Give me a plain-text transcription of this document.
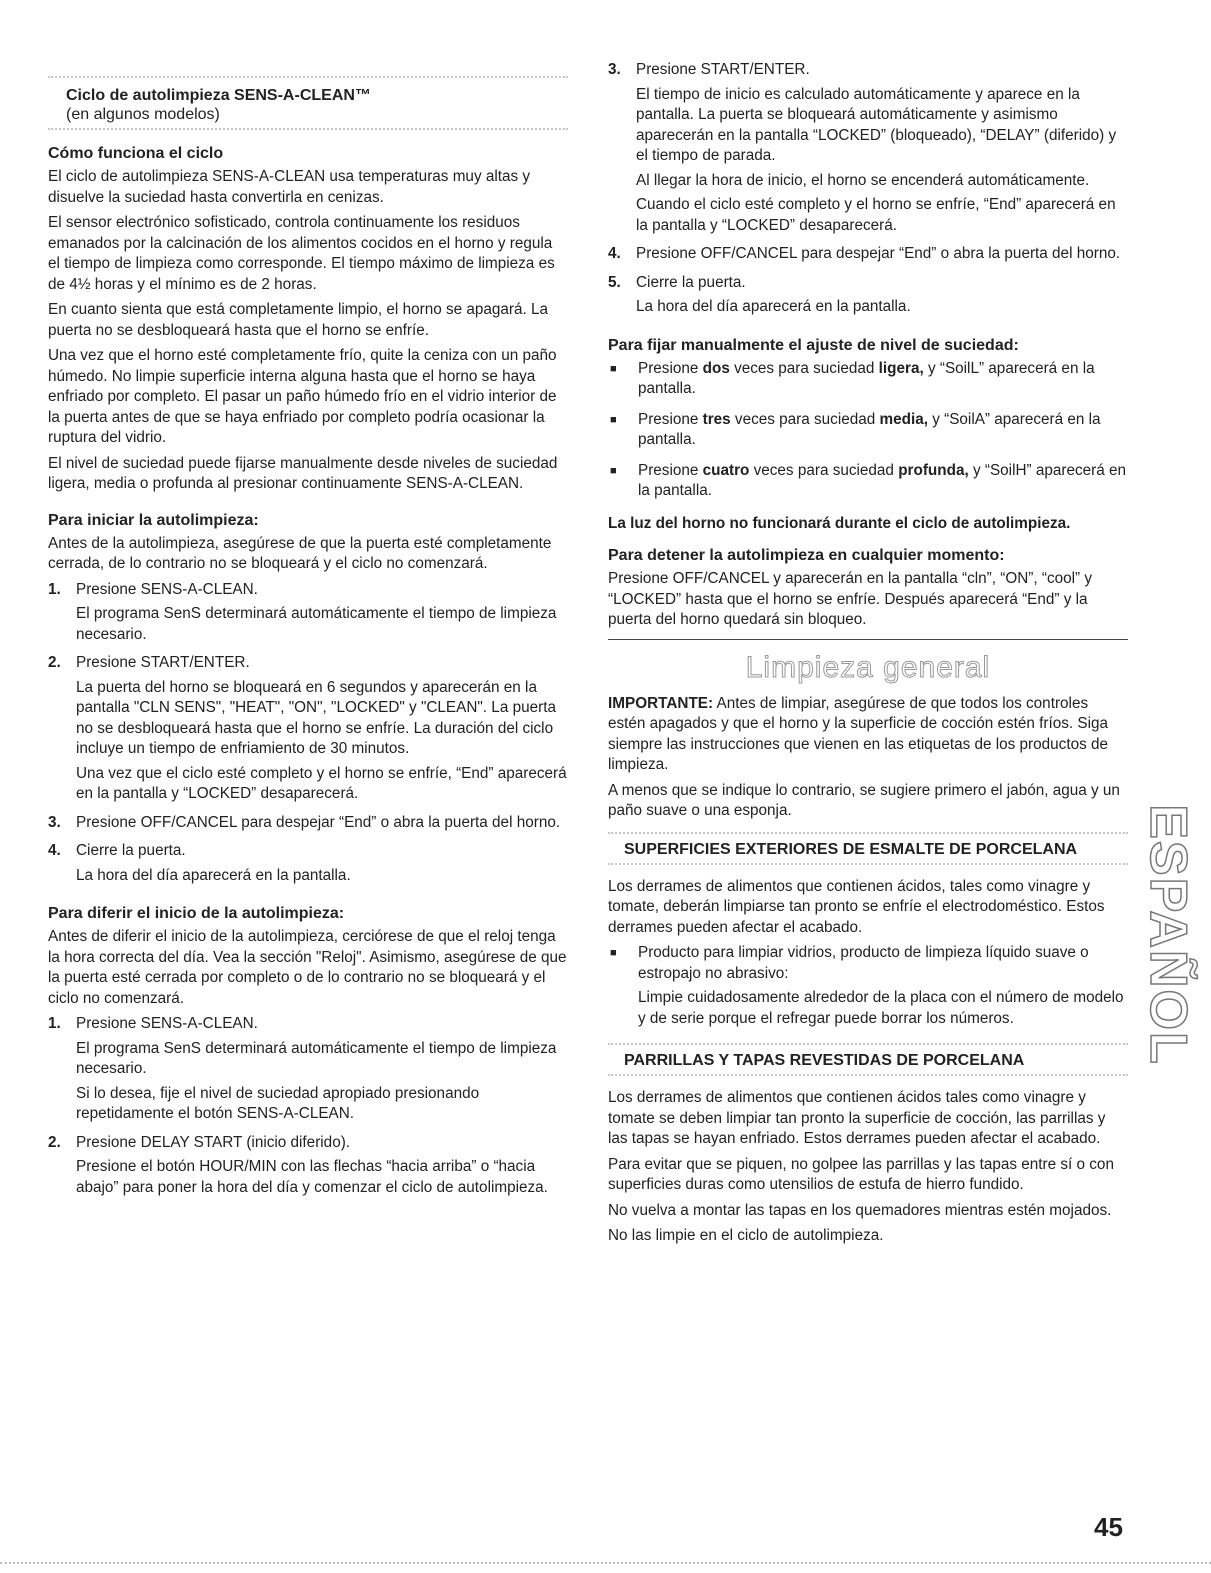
Ciclo de autolimpieza SENS-A-CLEAN™
(en algunos modelos)
Cómo funciona el ciclo

El ciclo de autolimpieza SENS-A-CLEAN usa temperaturas muy altas y disuelve la suciedad hasta convertirla en cenizas.

El sensor electrónico sofisticado, controla continuamente los residuos emanados por la calcinación de los alimentos cocidos en el horno y regula el tiempo de limpieza como corresponde. El tiempo máximo de limpieza es de 4½ horas y el mínimo es de 2 horas.

En cuanto sienta que está completamente limpio, el horno se apagará. La puerta no se desbloqueará hasta que el horno se enfríe.

Una vez que el horno esté completamente frío, quite la ceniza con un paño húmedo. No limpie superficie interna alguna hasta que el horno se haya enfriado por completo. El pasar un paño húmedo frío en el vidrio interior de la puerta antes de que se haya enfriado por completo podría ocasionar la ruptura del vidrio.

El nivel de suciedad puede fijarse manualmente desde niveles de suciedad ligera, media o profunda al presionar continuamente SENS-A-CLEAN.

Para iniciar la autolimpieza:

Antes de la autolimpieza, asegúrese de que la puerta esté completamente cerrada, de lo contrario no se bloqueará y el ciclo no comenzará.

1. Presione SENS-A-CLEAN.

El programa SenS determinará automáticamente el tiempo de limpieza necesario.

2. Presione START/ENTER.

La puerta del horno se bloqueará en 6 segundos y aparecerán en la pantalla "CLN SENS", "HEAT", "ON", "LOCKED" y "CLEAN". La puerta no se desbloqueará hasta que el horno se enfríe. La duración del ciclo incluye un tiempo de enfriamiento de 30 minutos.

Una vez que el ciclo esté completo y el horno se enfríe, “End” aparecerá en la pantalla y “LOCKED” desaparecerá.

3. Presione OFF/CANCEL para despejar “End” o abra la puerta del horno.

4. Cierre la puerta.

La hora del día aparecerá en la pantalla.

Para diferir el inicio de la autolimpieza:

Antes de diferir el inicio de la autolimpieza, cerciórese de que el reloj tenga la hora correcta del día. Vea la sección "Reloj". Asimismo, asegúrese de que la puerta esté cerrada por completo o de lo contrario no se bloqueará y el ciclo no comenzará.

1. Presione SENS-A-CLEAN.

El programa SenS determinará automáticamente el tiempo de limpieza necesario.

Si lo desea, fije el nivel de suciedad apropiado presionando repetidamente el botón SENS-A-CLEAN.

2. Presione DELAY START (inicio diferido).

Presione el botón HOUR/MIN con las flechas “hacia arriba” o “hacia abajo” para poner la hora del día y comenzar el ciclo de autolimpieza.

3. Presione START/ENTER.

El tiempo de inicio es calculado automáticamente y aparece en la pantalla. La puerta se bloqueará automáticamente y asimismo aparecerán en la pantalla “LOCKED” (bloqueado), “DELAY” (diferido) y el tiempo de parada.

Al llegar la hora de inicio, el horno se encenderá automáticamente.

Cuando el ciclo esté completo y el horno se enfríe, “End” aparecerá en la pantalla y “LOCKED” desaparecerá.

4. Presione OFF/CANCEL para despejar “End” o abra la puerta del horno.

5. Cierre la puerta.

La hora del día aparecerá en la pantalla.

Para fijar manualmente el ajuste de nivel de suciedad:
■	Presione dos veces para suciedad ligera, y “SoilL” aparecerá en la pantalla.

■	Presione tres veces para suciedad media, y “SoilA” aparecerá en la pantalla.

■	Presione cuatro veces para suciedad profunda, y “SoilH” aparecerá en la pantalla.

La luz del horno no funcionará durante el ciclo de autolimpieza.
Para detener la autolimpieza en cualquier momento:

Presione OFF/CANCEL y aparecerán en la pantalla “cln”, “ON”, “cool” y “LOCKED” hasta que el horno se enfríe. Después aparecerá “End” y la puerta del horno quedará sin bloqueo.

Limpieza general

IMPORTANTE: Antes de limpiar, asegúrese de que todos los controles estén apagados y que el horno y la superficie de cocción estén fríos. Siga siempre las instrucciones que vienen en las etiquetas de los productos de limpieza.

A menos que se indique lo contrario, se sugiere primero el jabón, agua y un paño suave o una esponja.

SUPERFICIES EXTERIORES DE ESMALTE DE PORCELANA

Los derrames de alimentos que contienen ácidos, tales como vinagre y tomate, deberán limpiarse tan pronto se enfríe el electrodoméstico. Estos derrames pueden afectar el acabado.

■	Producto para limpiar vidrios, producto de limpieza líquido suave o estropajo no abrasivo:

Limpie cuidadosamente alrededor de la placa con el número de modelo y de serie porque el refregar puede borrar los números.

PARRILLAS Y TAPAS REVESTIDAS DE PORCELANA

Los derrames de alimentos que contienen ácidos tales como vinagre y tomate se deben limpiar tan pronto la superficie de cocción, las parrillas y las tapas se hayan enfriado. Estos derrames pueden afectar el acabado.

Para evitar que se piquen, no golpee las parrillas y las tapas entre sí o con superficies duras como utensilios de estufa de hierro fundido.

No vuelva a montar las tapas en los quemadores mientras estén mojados.

No las limpie en el ciclo de autolimpieza.

ESPAÑOL
45
